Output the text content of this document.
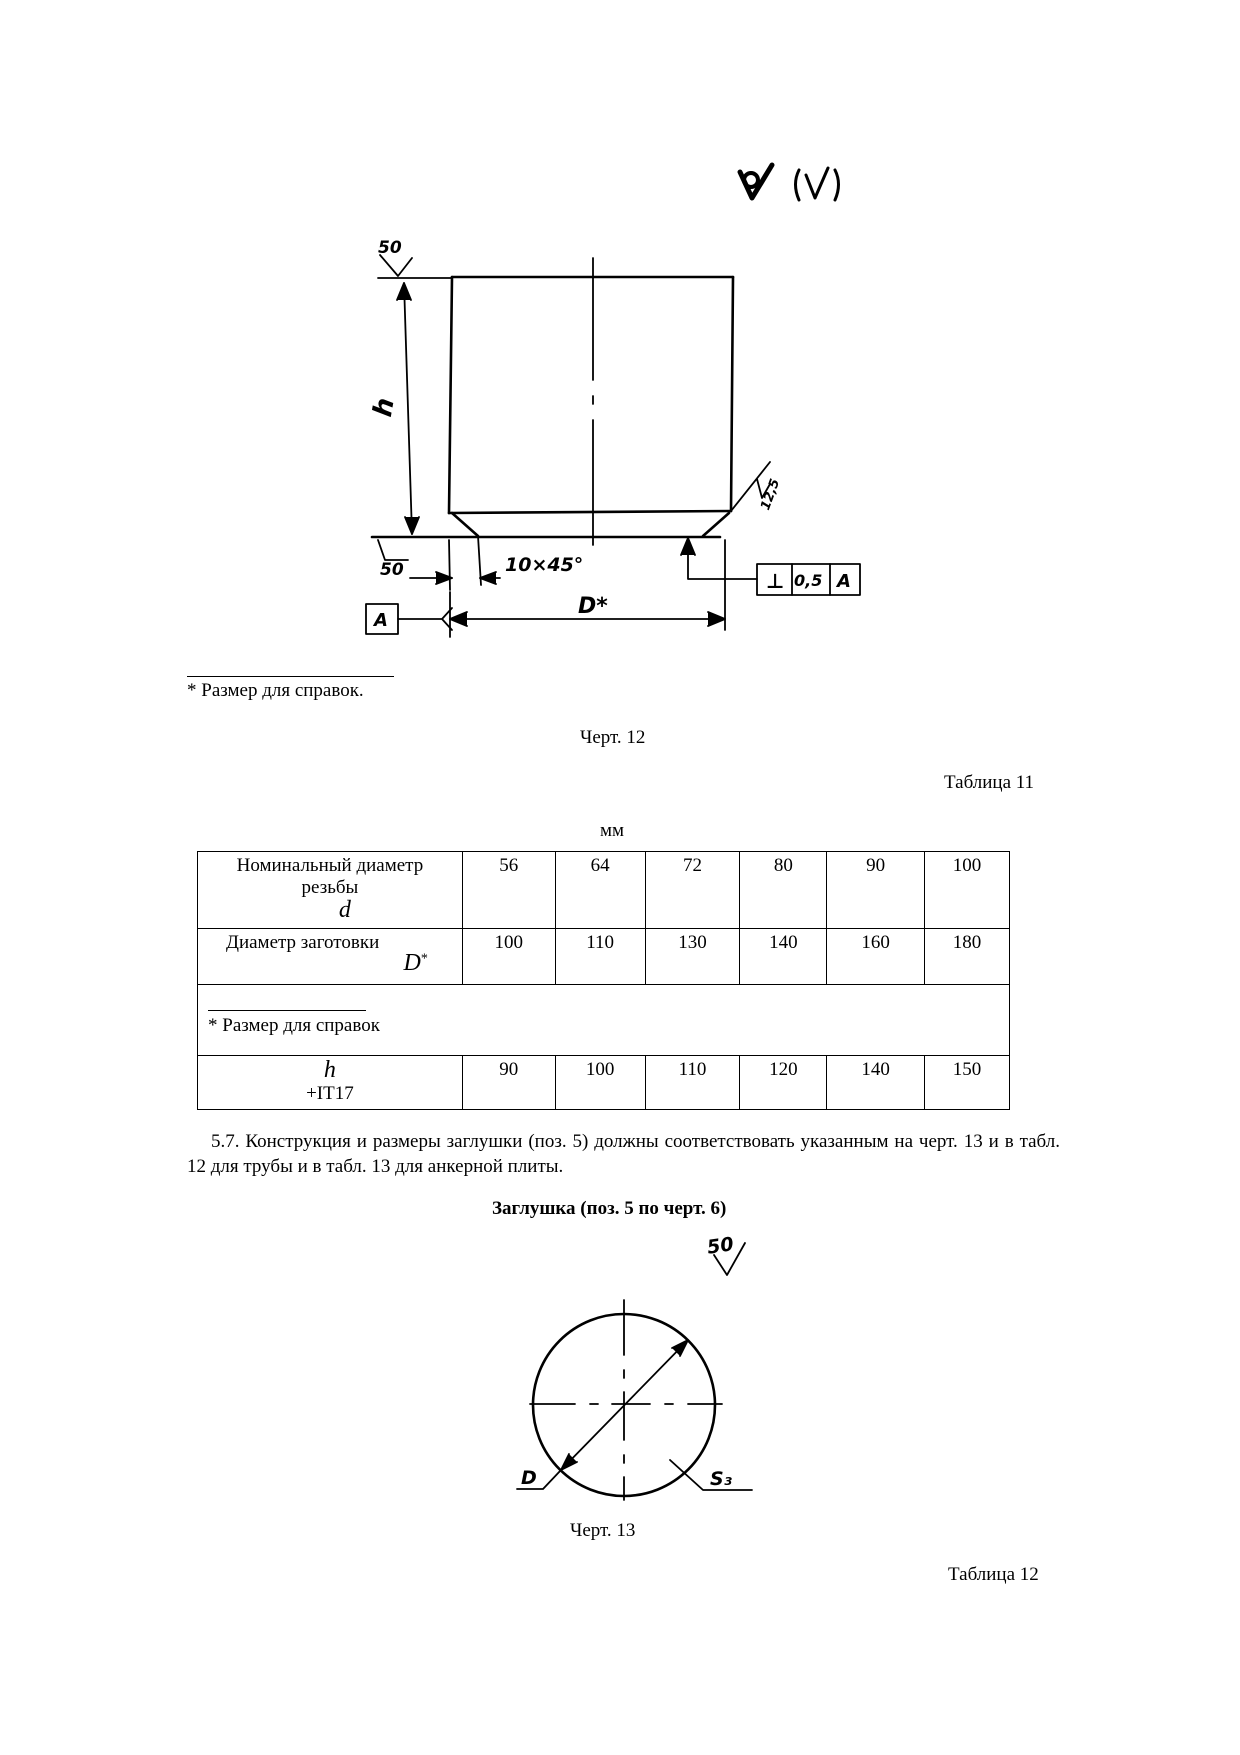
h
50
50
12,5
10×45°
D*
A
⊥ 0,5 A
* Размер для справок.
Черт. 12
Таблица 11
мм
Номинальный диаметр резьбы
d	56	64	72	80	90	100

Диаметр заготовки
D*	100	110	130	140	160	180

* Размер для справок						

h
+IT17	90	100	110	120	140	150
5.7. Конструкция и размеры заглушки (поз. 5) должны соответствовать указанным на черт. 13 и в табл. 12 для трубы и в табл. 13 для анкерной плиты.
Заглушка (поз. 5 по черт. 6)
50
D	S₃
Черт. 13
Таблица 12
